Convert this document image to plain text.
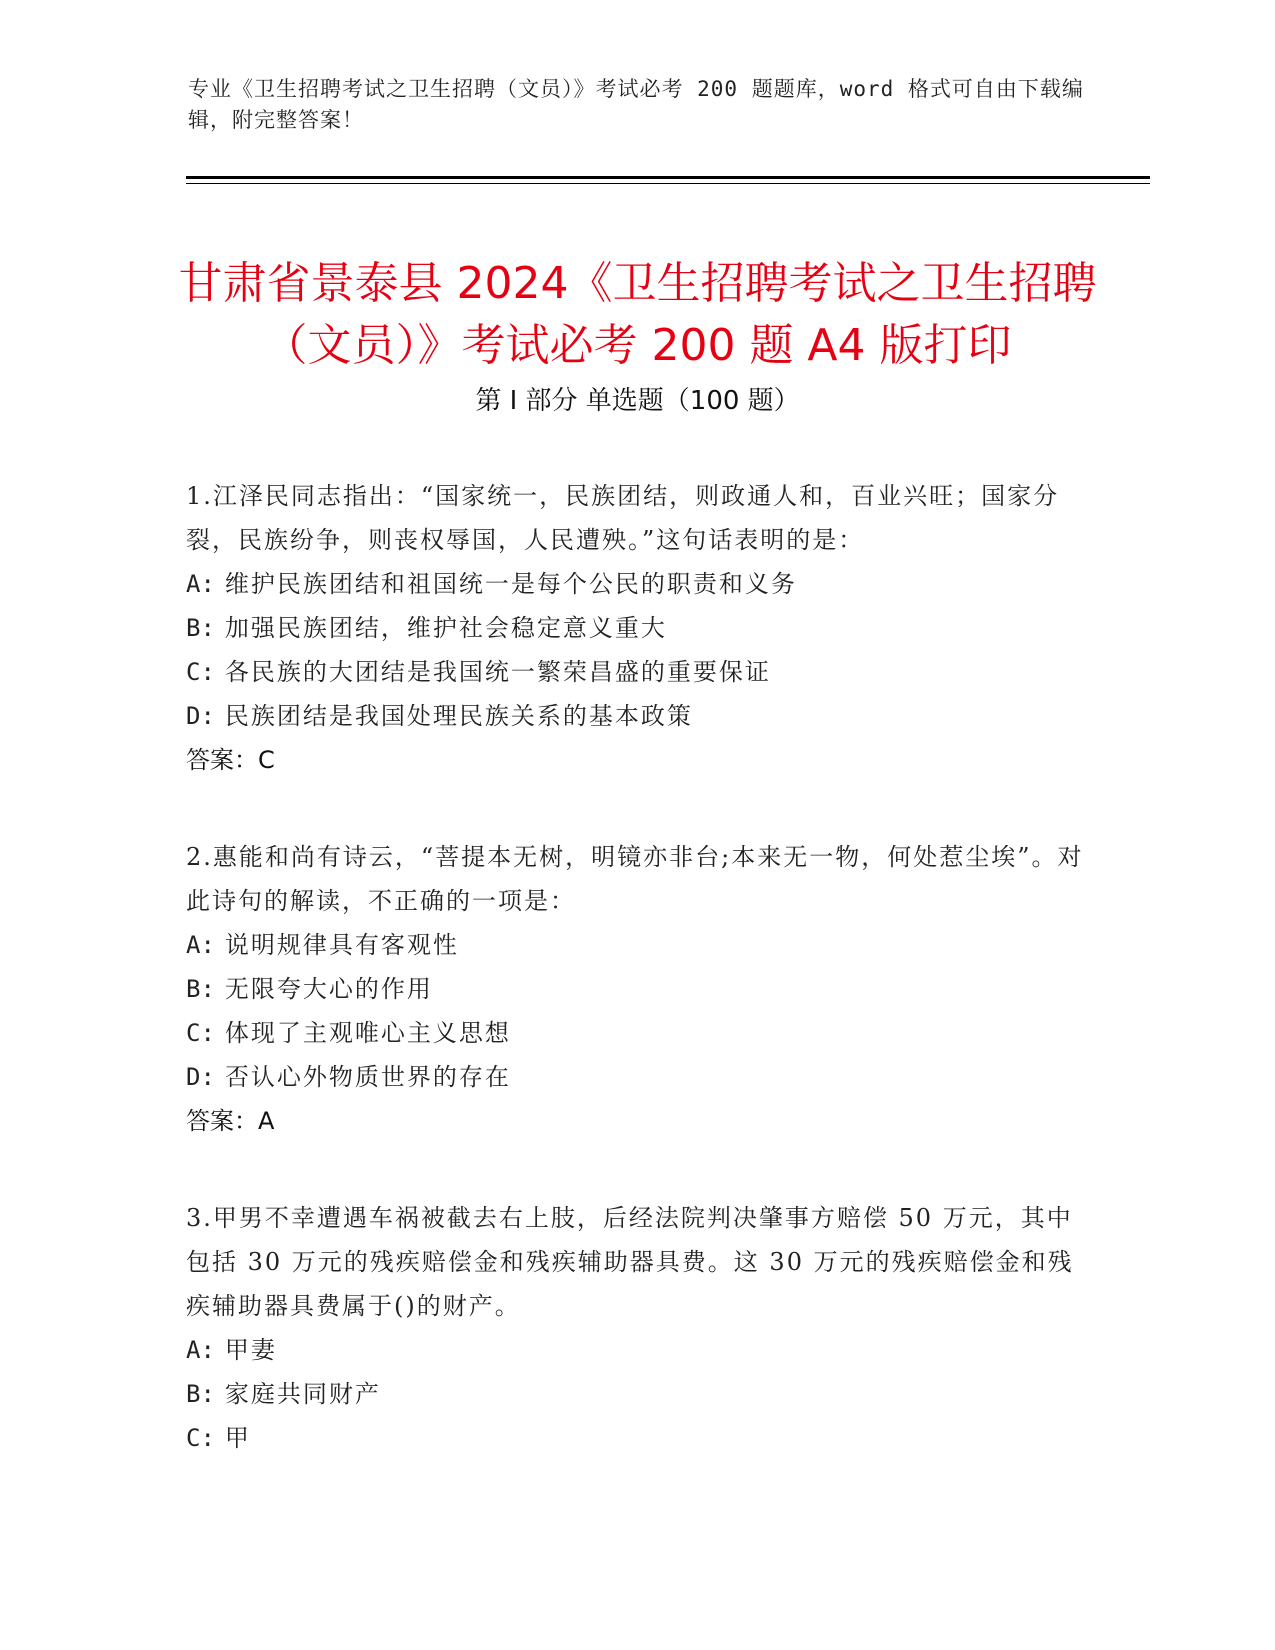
专业《卫生招聘考试之卫生招聘（文员）》考试必考 200 题题库，word 格式可自由下载编辑，附完整答案！
甘肃省景泰县 2024《卫生招聘考试之卫生招聘（文员）》考试必考 200 题 A4 版打印
第 I 部分 单选题（100 题）

1.江泽民同志指出：“国家统一，民族团结，则政通人和，百业兴旺；国家分裂，民族纷争，则丧权辱国，人民遭殃。”这句话表明的是：

A: 维护民族团结和祖国统一是每个公民的职责和义务

B: 加强民族团结，维护社会稳定意义重大

C: 各民族的大团结是我国统一繁荣昌盛的重要保证

D: 民族团结是我国处理民族关系的基本政策

答案：C

2.惠能和尚有诗云，“菩提本无树，明镜亦非台;本来无一物，何处惹尘埃”。对此诗句的解读，不正确的一项是：

A: 说明规律具有客观性

B: 无限夸大心的作用

C: 体现了主观唯心主义思想

D: 否认心外物质世界的存在

答案：A

3.甲男不幸遭遇车祸被截去右上肢，后经法院判决肇事方赔偿 50 万元，其中包括 30 万元的残疾赔偿金和残疾辅助器具费。这 30 万元的残疾赔偿金和残疾辅助器具费属于()的财产。

A: 甲妻

B: 家庭共同财产

C: 甲
